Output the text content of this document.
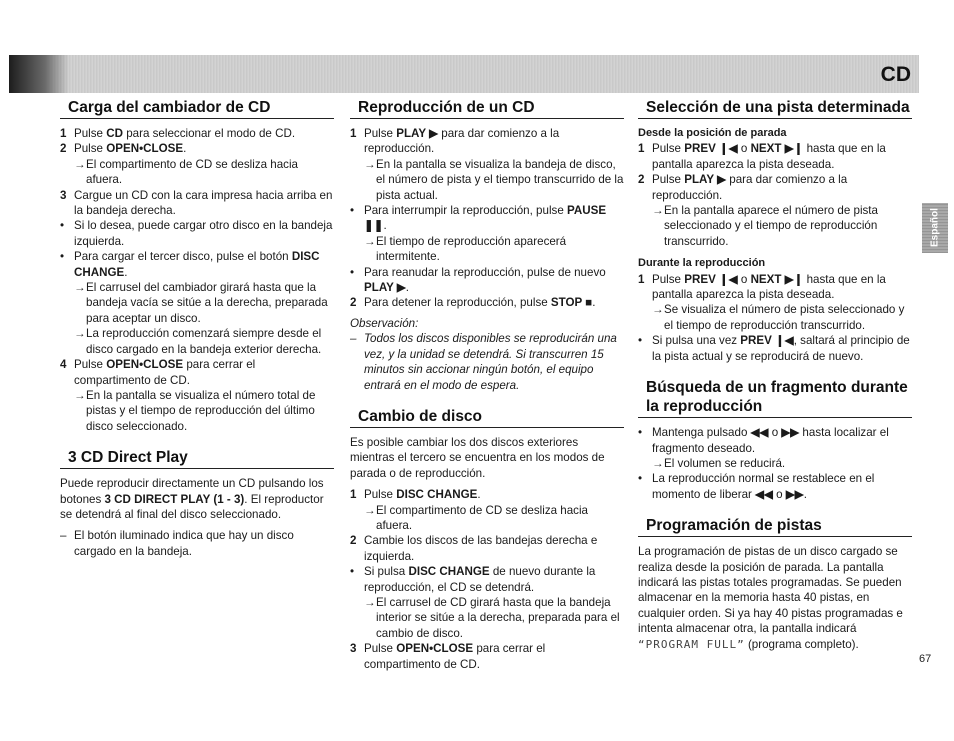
CD
Carga del cambiador de CD
1 Pulse CD para seleccionar el modo de CD.
2 Pulse OPEN•CLOSE.
→ El compartimento de CD se desliza hacia afuera.
3 Cargue un CD con la cara impresa hacia arriba en la bandeja derecha.
• Si lo desea, puede cargar otro disco en la bandeja izquierda.
• Para cargar el tercer disco, pulse el botón DISC CHANGE.
→ El carrusel del cambiador girará hasta que la bandeja vacía se sitúe a la derecha, preparada para aceptar un disco.
→ La reproducción comenzará siempre desde el disco cargado en la bandeja exterior derecha.
4 Pulse OPEN•CLOSE para cerrar el compartimento de CD.
→ En la pantalla se visualiza el número total de pistas y el tiempo de reproducción del último disco seleccionado.
3 CD Direct Play
Puede reproducir directamente un CD pulsando los botones 3 CD DIRECT PLAY (1 - 3). El reproductor se detendrá al final del disco seleccionado.
– El botón iluminado indica que hay un disco cargado en la bandeja.
Reproducción de un CD
1 Pulse PLAY ▶ para dar comienzo a la reproducción.
→ En la pantalla se visualiza la bandeja de disco, el número de pista y el tiempo transcurrido de la pista actual.
• Para interrumpir la reproducción, pulse PAUSE ❚❚.
→ El tiempo de reproducción aparecerá intermitente.
• Para reanudar la reproducción, pulse de nuevo PLAY ▶.
2 Para detener la reproducción, pulse STOP ■.
Observación:
– Todos los discos disponibles se reproducirán una vez, y la unidad se detendrá. Si transcurren 15 minutos sin accionar ningún botón, el equipo entrará en el modo de espera.
Cambio de disco
Es posible cambiar los dos discos exteriores mientras el tercero se encuentra en los modos de parada o de reproducción.
1 Pulse DISC CHANGE.
→ El compartimento de CD se desliza hacia afuera.
2 Cambie los discos de las bandejas derecha e izquierda.
• Si pulsa DISC CHANGE de nuevo durante la reproducción, el CD se detendrá.
→ El carrusel de CD girará hasta que la bandeja interior se sitúe a la derecha, preparada para el cambio de disco.
3 Pulse OPEN•CLOSE para cerrar el compartimento de CD.
Selección de una pista determinada
Desde la posición de parada
1 Pulse PREV ❙◀ o NEXT ▶❙ hasta que en la pantalla aparezca la pista deseada.
2 Pulse PLAY ▶ para dar comienzo a la reproducción.
→ En la pantalla aparece el número de pista seleccionado y el tiempo de reproducción transcurrido.
Durante la reproducción
1 Pulse PREV ❙◀ o NEXT ▶❙ hasta que en la pantalla aparezca la pista deseada.
→ Se visualiza el número de pista seleccionado y el tiempo de reproducción transcurrido.
• Si pulsa una vez PREV ❙◀, saltará al principio de la pista actual y se reproducirá de nuevo.
Búsqueda de un fragmento durante la reproducción
• Mantenga pulsado ◀◀ o ▶▶ hasta localizar el fragmento deseado.
→ El volumen se reducirá.
• La reproducción normal se restablece en el momento de liberar ◀◀ o ▶▶.
Programación de pistas
La programación de pistas de un disco cargado se realiza desde la posición de parada. La pantalla indicará las pistas totales programadas. Se pueden almacenar en la memoria hasta 40 pistas, en cualquier orden. Si ya hay 40 pistas programadas e intenta almacenar otra, la pantalla indicará “PROGRAM FULL” (programa completo).
Español
67
